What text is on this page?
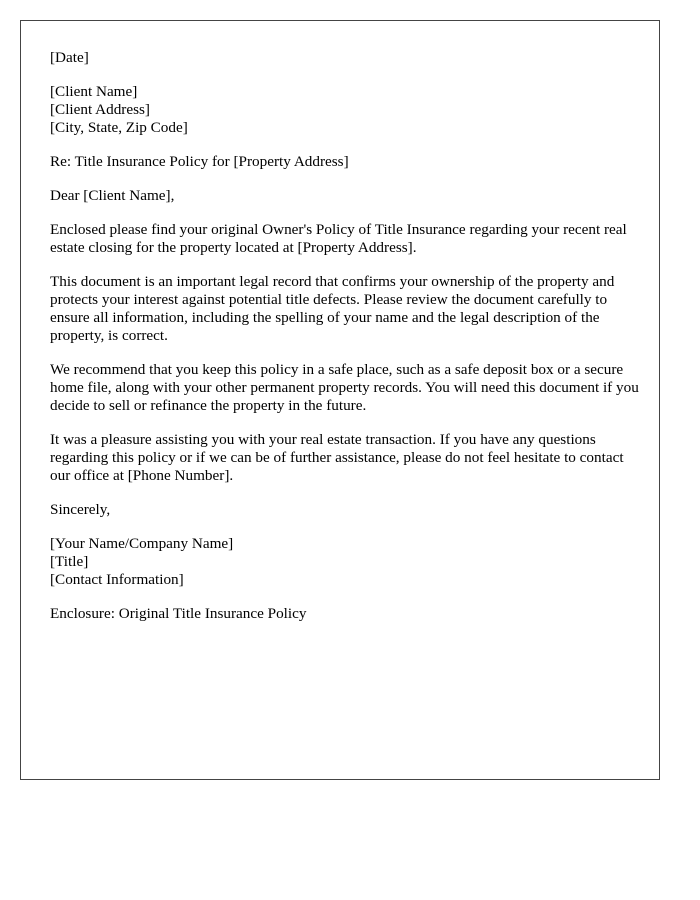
[Date]
[Client Name]
[Client Address]
[City, State, Zip Code]
Re: Title Insurance Policy for [Property Address]
Dear [Client Name],
Enclosed please find your original Owner's Policy of Title Insurance regarding your recent real estate closing for the property located at [Property Address].
This document is an important legal record that confirms your ownership of the property and protects your interest against potential title defects. Please review the document carefully to ensure all information, including the spelling of your name and the legal description of the property, is correct.
We recommend that you keep this policy in a safe place, such as a safe deposit box or a secure home file, along with your other permanent property records. You will need this document if you decide to sell or refinance the property in the future.
It was a pleasure assisting you with your real estate transaction. If you have any questions regarding this policy or if we can be of further assistance, please do not feel hesitate to contact our office at [Phone Number].
Sincerely,
[Your Name/Company Name]
[Title]
[Contact Information]
Enclosure: Original Title Insurance Policy
